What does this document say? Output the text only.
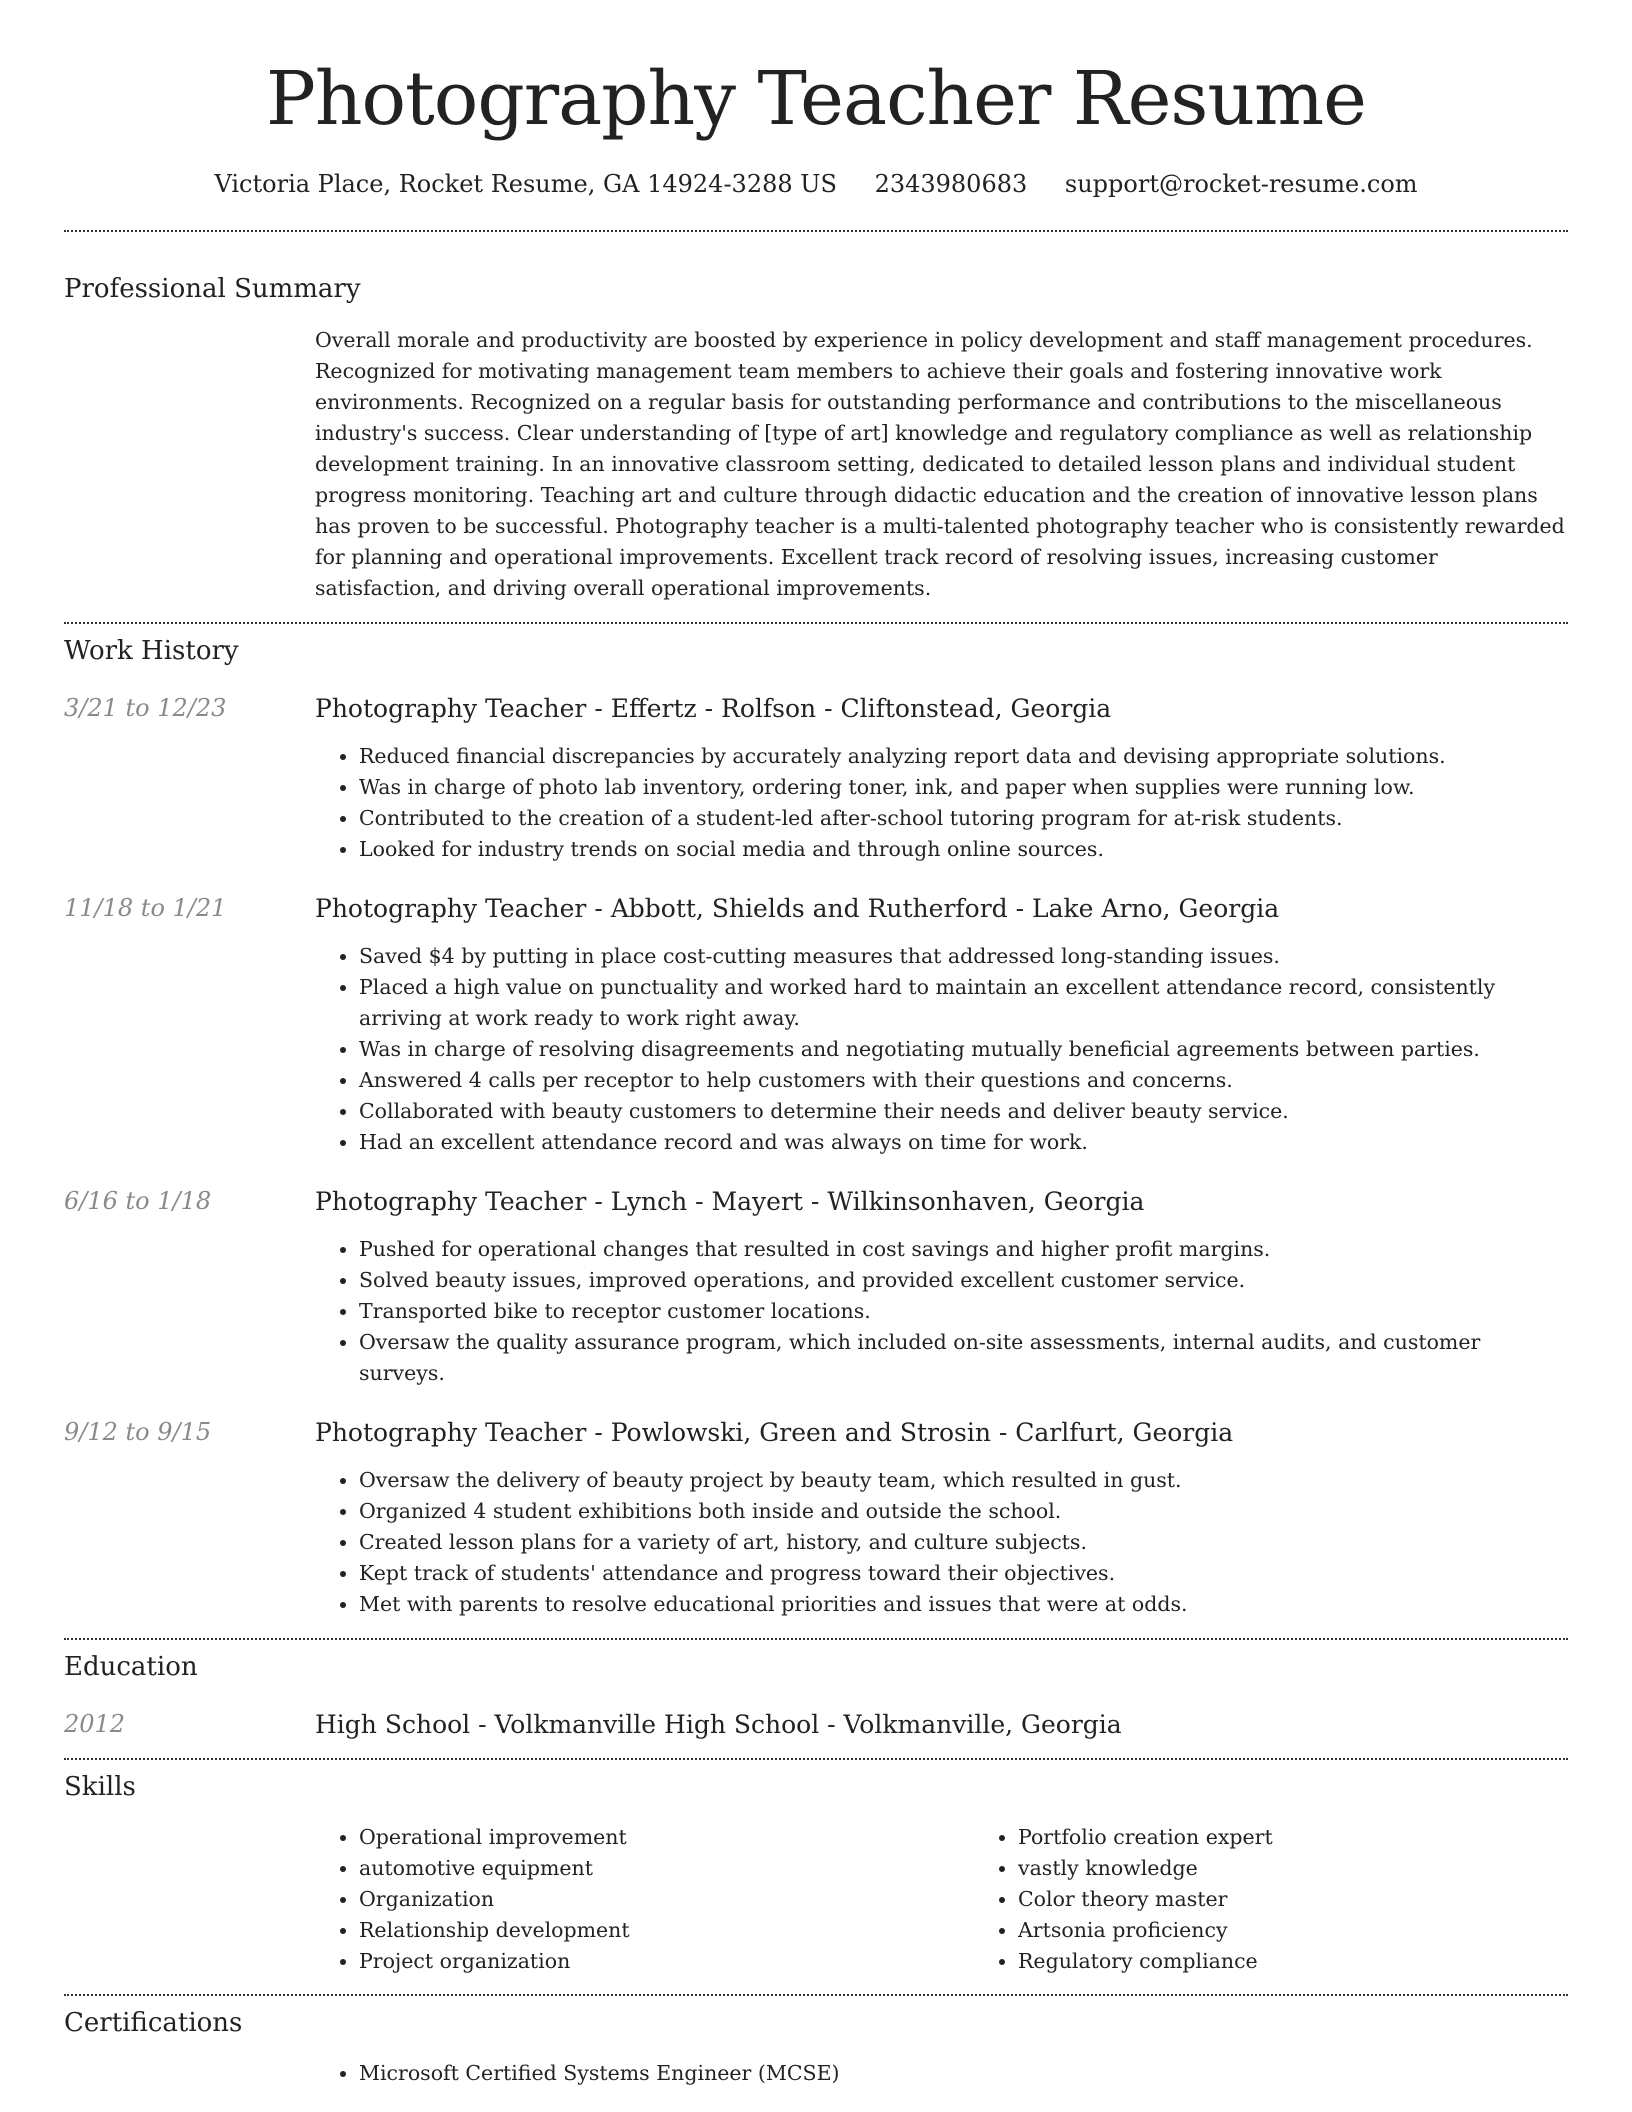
Photography Teacher Resume
Victoria Place, Rocket Resume, GA 14924-3288 US 2343980683 support@rocket-resume.com
Professional Summary

Overall morale and productivity are boosted by experience in policy development and staff management procedures. Recognized for motivating management team members to achieve their goals and fostering innovative work environments. Recognized on a regular basis for outstanding performance and contributions to the miscellaneous industry's success. Clear understanding of [type of art] knowledge and regulatory compliance as well as relationship development training. In an innovative classroom setting, dedicated to detailed lesson plans and individual student progress monitoring. Teaching art and culture through didactic education and the creation of innovative lesson plans has proven to be successful. Photography teacher is a multi-talented photography teacher who is consistently rewarded for planning and operational improvements. Excellent track record of resolving issues, increasing customer satisfaction, and driving overall operational improvements.

Work History
3/21 to 12/23	Photography Teacher - Effertz - Rolfson - Cliftonstead, Georgia
• Reduced financial discrepancies by accurately analyzing report data and devising appropriate solutions.
• Was in charge of photo lab inventory, ordering toner, ink, and paper when supplies were running low.
• Contributed to the creation of a student-led after-school tutoring program for at-risk students.
• Looked for industry trends on social media and through online sources.
11/18 to 1/21	Photography Teacher - Abbott, Shields and Rutherford - Lake Arno, Georgia
• Saved $4 by putting in place cost-cutting measures that addressed long-standing issues.
• Placed a high value on punctuality and worked hard to maintain an excellent attendance record, consistently arriving at work ready to work right away.
• Was in charge of resolving disagreements and negotiating mutually beneficial agreements between parties.
• Answered 4 calls per receptor to help customers with their questions and concerns.
• Collaborated with beauty customers to determine their needs and deliver beauty service.
• Had an excellent attendance record and was always on time for work.
6/16 to 1/18	Photography Teacher - Lynch - Mayert - Wilkinsonhaven, Georgia
• Pushed for operational changes that resulted in cost savings and higher profit margins.
• Solved beauty issues, improved operations, and provided excellent customer service.
• Transported bike to receptor customer locations.
• Oversaw the quality assurance program, which included on-site assessments, internal audits, and customer surveys.
9/12 to 9/15	Photography Teacher - Powlowski, Green and Strosin - Carlfurt, Georgia
• Oversaw the delivery of beauty project by beauty team, which resulted in gust.
• Organized 4 student exhibitions both inside and outside the school.
• Created lesson plans for a variety of art, history, and culture subjects.
• Kept track of students' attendance and progress toward their objectives.
• Met with parents to resolve educational priorities and issues that were at odds.
Education
2012	High School - Volkmanville High School - Volkmanville, Georgia
Skills
• Operational improvement
• automotive equipment
• Organization
• Relationship development
• Project organization
• Portfolio creation expert
• vastly knowledge
• Color theory master
• Artsonia proficiency
• Regulatory compliance
Certifications
• Microsoft Certified Systems Engineer (MCSE)
